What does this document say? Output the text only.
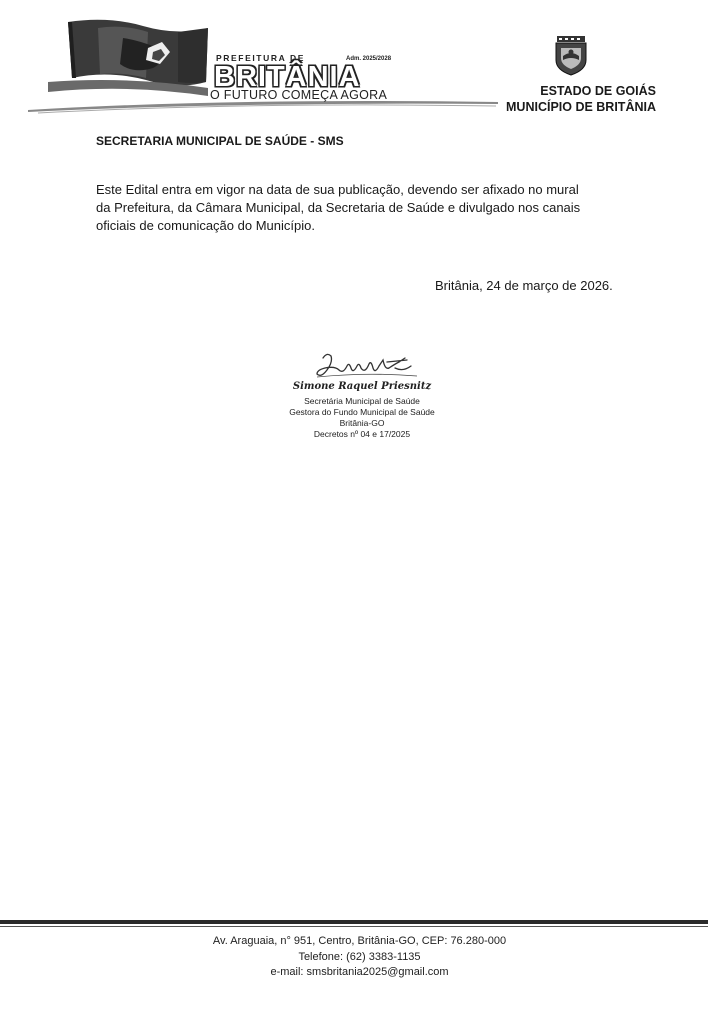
PREFEITURA DE	Adm. 2025/2028
BRITÂNIA
O FUTURO COMEÇA AGORA	ESTADO DE GOIÁS
MUNICÍPIO DE BRITÂNIA
SECRETARIA MUNICIPAL DE SAÚDE - SMS
Este Edital entra em vigor na data de sua publicação, devendo ser afixado no mural
da Prefeitura, da Câmara Municipal, da Secretaria de Saúde e divulgado nos canais
oficiais de comunicação do Município.
Britânia, 24 de março de 2026.
Simone Raquel Priesnitz
Secretária Municipal de Saúde
Gestora do Fundo Municipal de Saúde
Britânia-GO
Decretos nº 04 e 17/2025
Av. Araguaia, n° 951, Centro, Britânia-GO, CEP: 76.280-000
Telefone: (62) 3383-1135
e-mail: smsbritania2025@gmail.com
